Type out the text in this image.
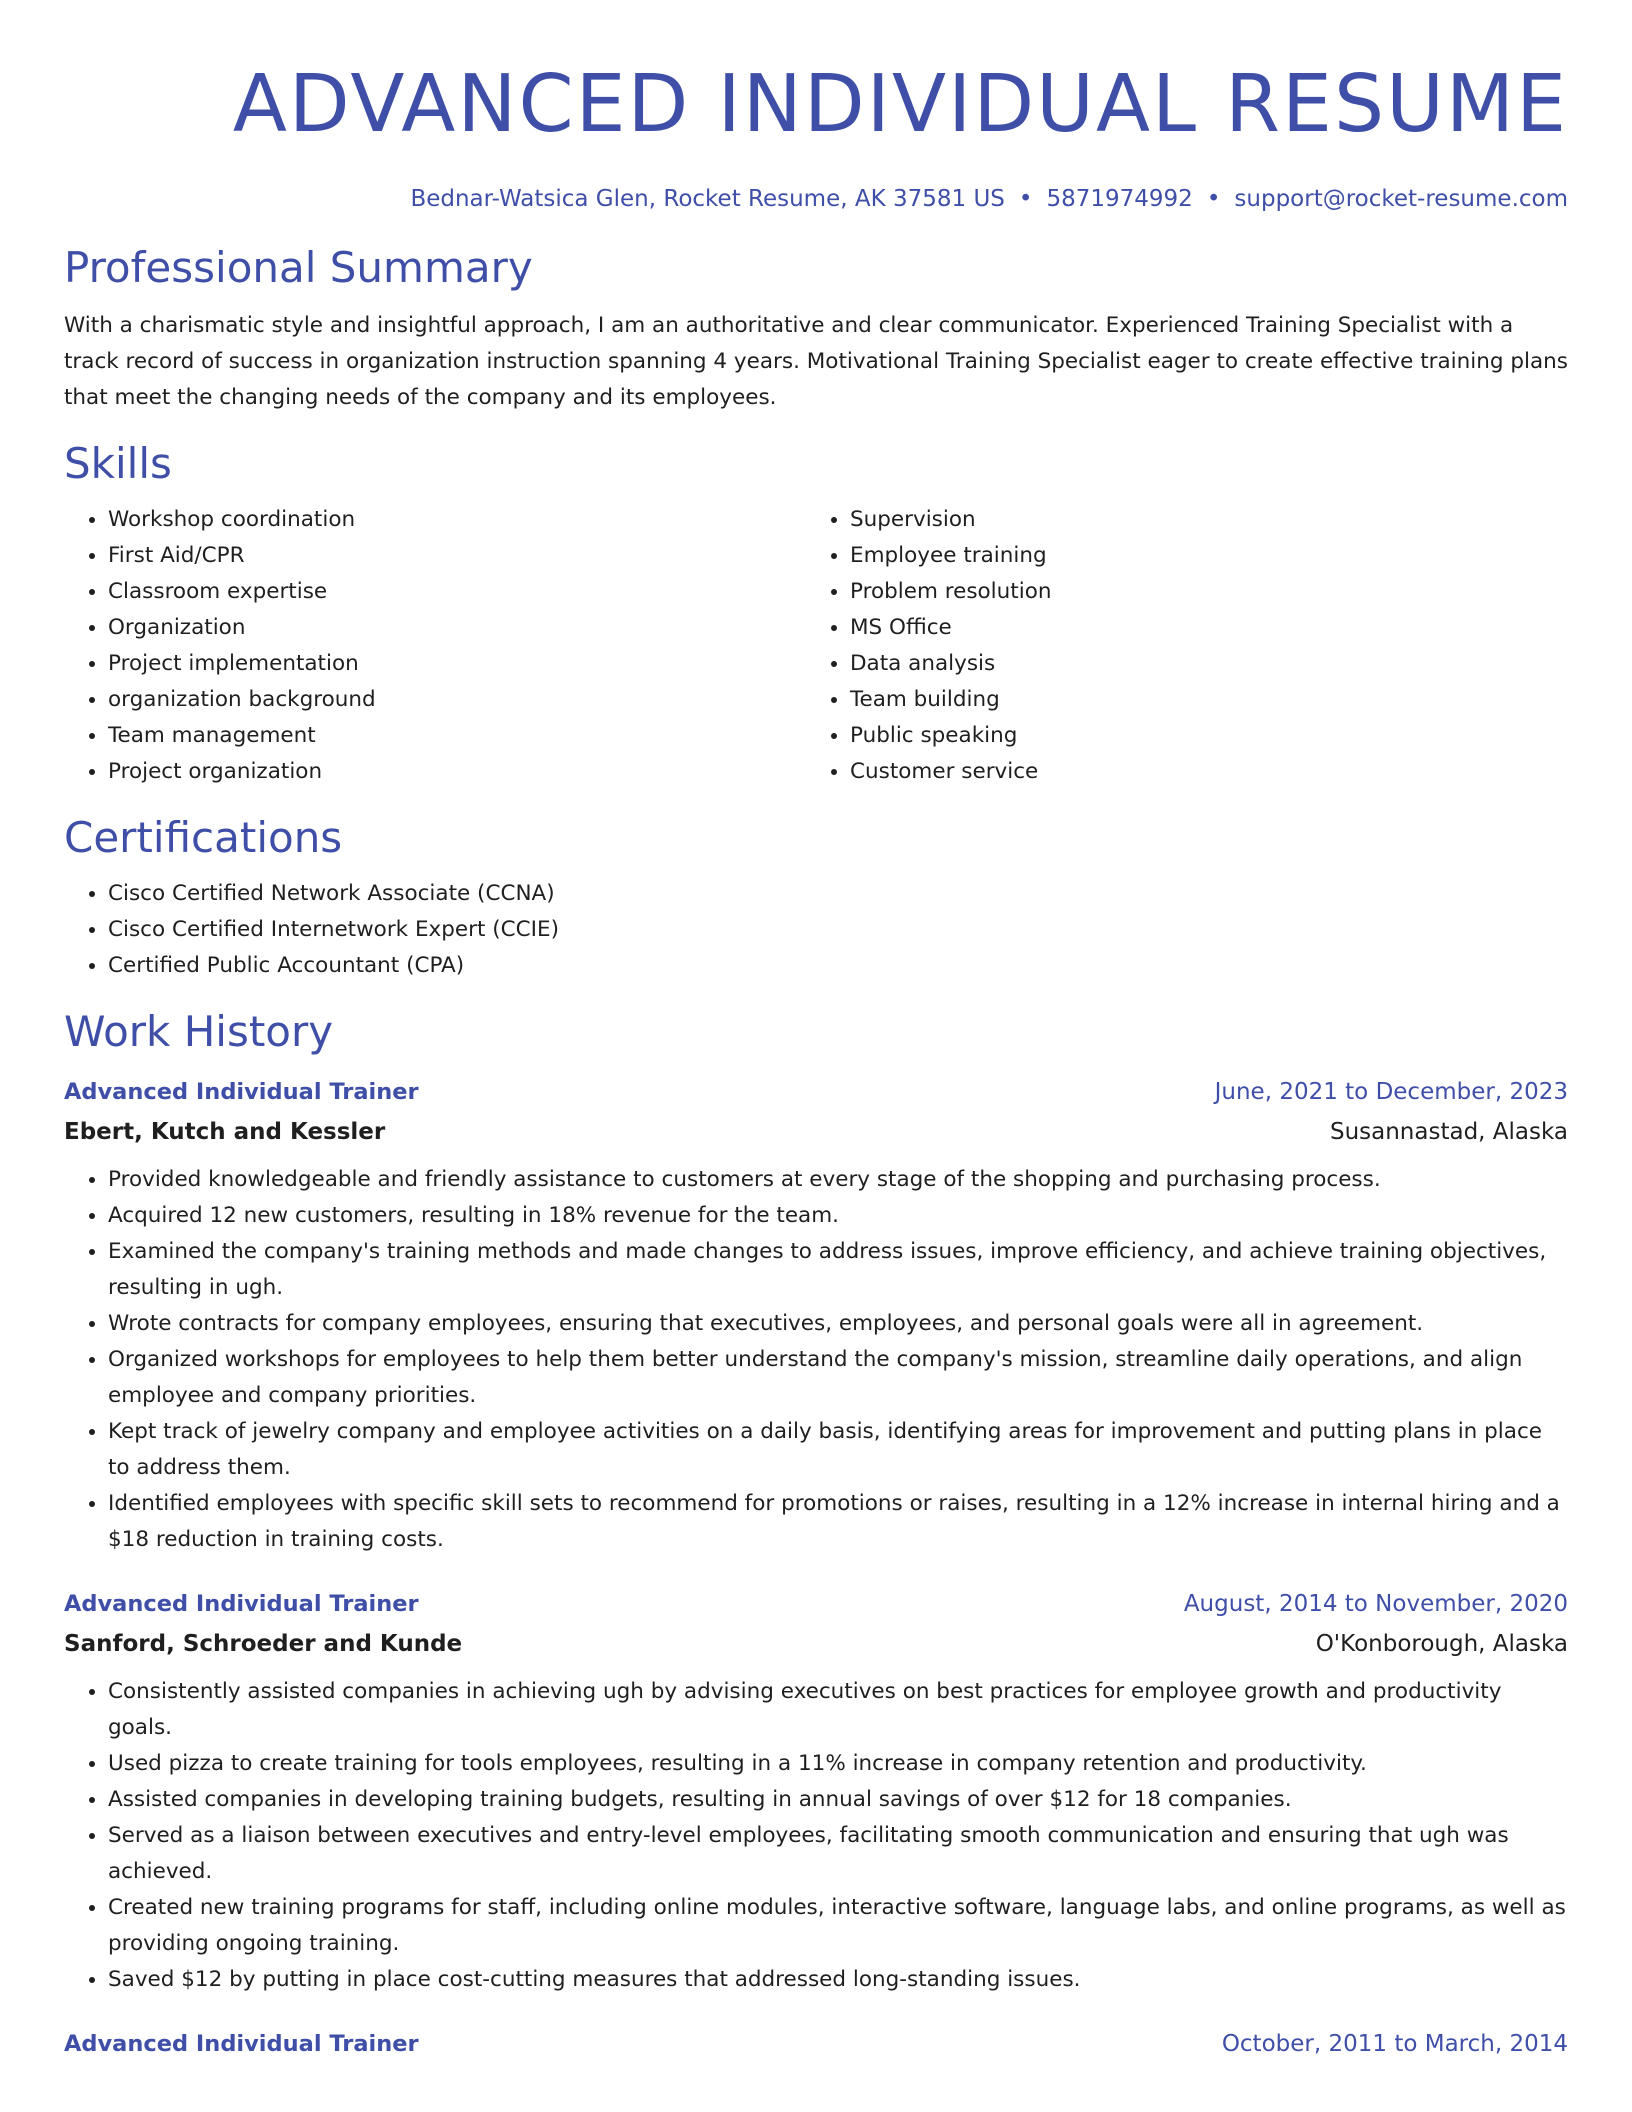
ADVANCED INDIVIDUAL RESUME
Bednar-Watsica Glen, Rocket Resume, AK 37581 US • 5871974992 • support@rocket-resume.com
Professional Summary

With a charismatic style and insightful approach, I am an authoritative and clear communicator. Experienced Training Specialist with a track record of success in organization instruction spanning 4 years. Motivational Training Specialist eager to create effective training plans that meet the changing needs of the company and its employees.

Skills
• Workshop coordination
• First Aid/CPR
• Classroom expertise
• Organization
• Project implementation
• organization background
• Team management
• Project organization
• Supervision
• Employee training
• Problem resolution
• MS Office
• Data analysis
• Team building
• Public speaking
• Customer service
Certifications
• Cisco Certified Network Associate (CCNA)
• Cisco Certified Internetwork Expert (CCIE)
• Certified Public Accountant (CPA)
Work History
Advanced Individual Trainer	June, 2021 to December, 2023
Ebert, Kutch and Kessler	Susannastad, Alaska
• Provided knowledgeable and friendly assistance to customers at every stage of the shopping and purchasing process.
• Acquired 12 new customers, resulting in 18% revenue for the team.
• Examined the company's training methods and made changes to address issues, improve efficiency, and achieve training objectives, resulting in ugh.
• Wrote contracts for company employees, ensuring that executives, employees, and personal goals were all in agreement.
• Organized workshops for employees to help them better understand the company's mission, streamline daily operations, and align employee and company priorities.
• Kept track of jewelry company and employee activities on a daily basis, identifying areas for improvement and putting plans in place to address them.
• Identified employees with specific skill sets to recommend for promotions or raises, resulting in a 12% increase in internal hiring and a $18 reduction in training costs.
Advanced Individual Trainer	August, 2014 to November, 2020
Sanford, Schroeder and Kunde	O'Konborough, Alaska
• Consistently assisted companies in achieving ugh by advising executives on best practices for employee growth and productivity goals.
• Used pizza to create training for tools employees, resulting in a 11% increase in company retention and productivity.
• Assisted companies in developing training budgets, resulting in annual savings of over $12 for 18 companies.
• Served as a liaison between executives and entry-level employees, facilitating smooth communication and ensuring that ugh was achieved.
• Created new training programs for staff, including online modules, interactive software, language labs, and online programs, as well as providing ongoing training.
• Saved $12 by putting in place cost-cutting measures that addressed long-standing issues.
Advanced Individual Trainer	October, 2011 to March, 2014
